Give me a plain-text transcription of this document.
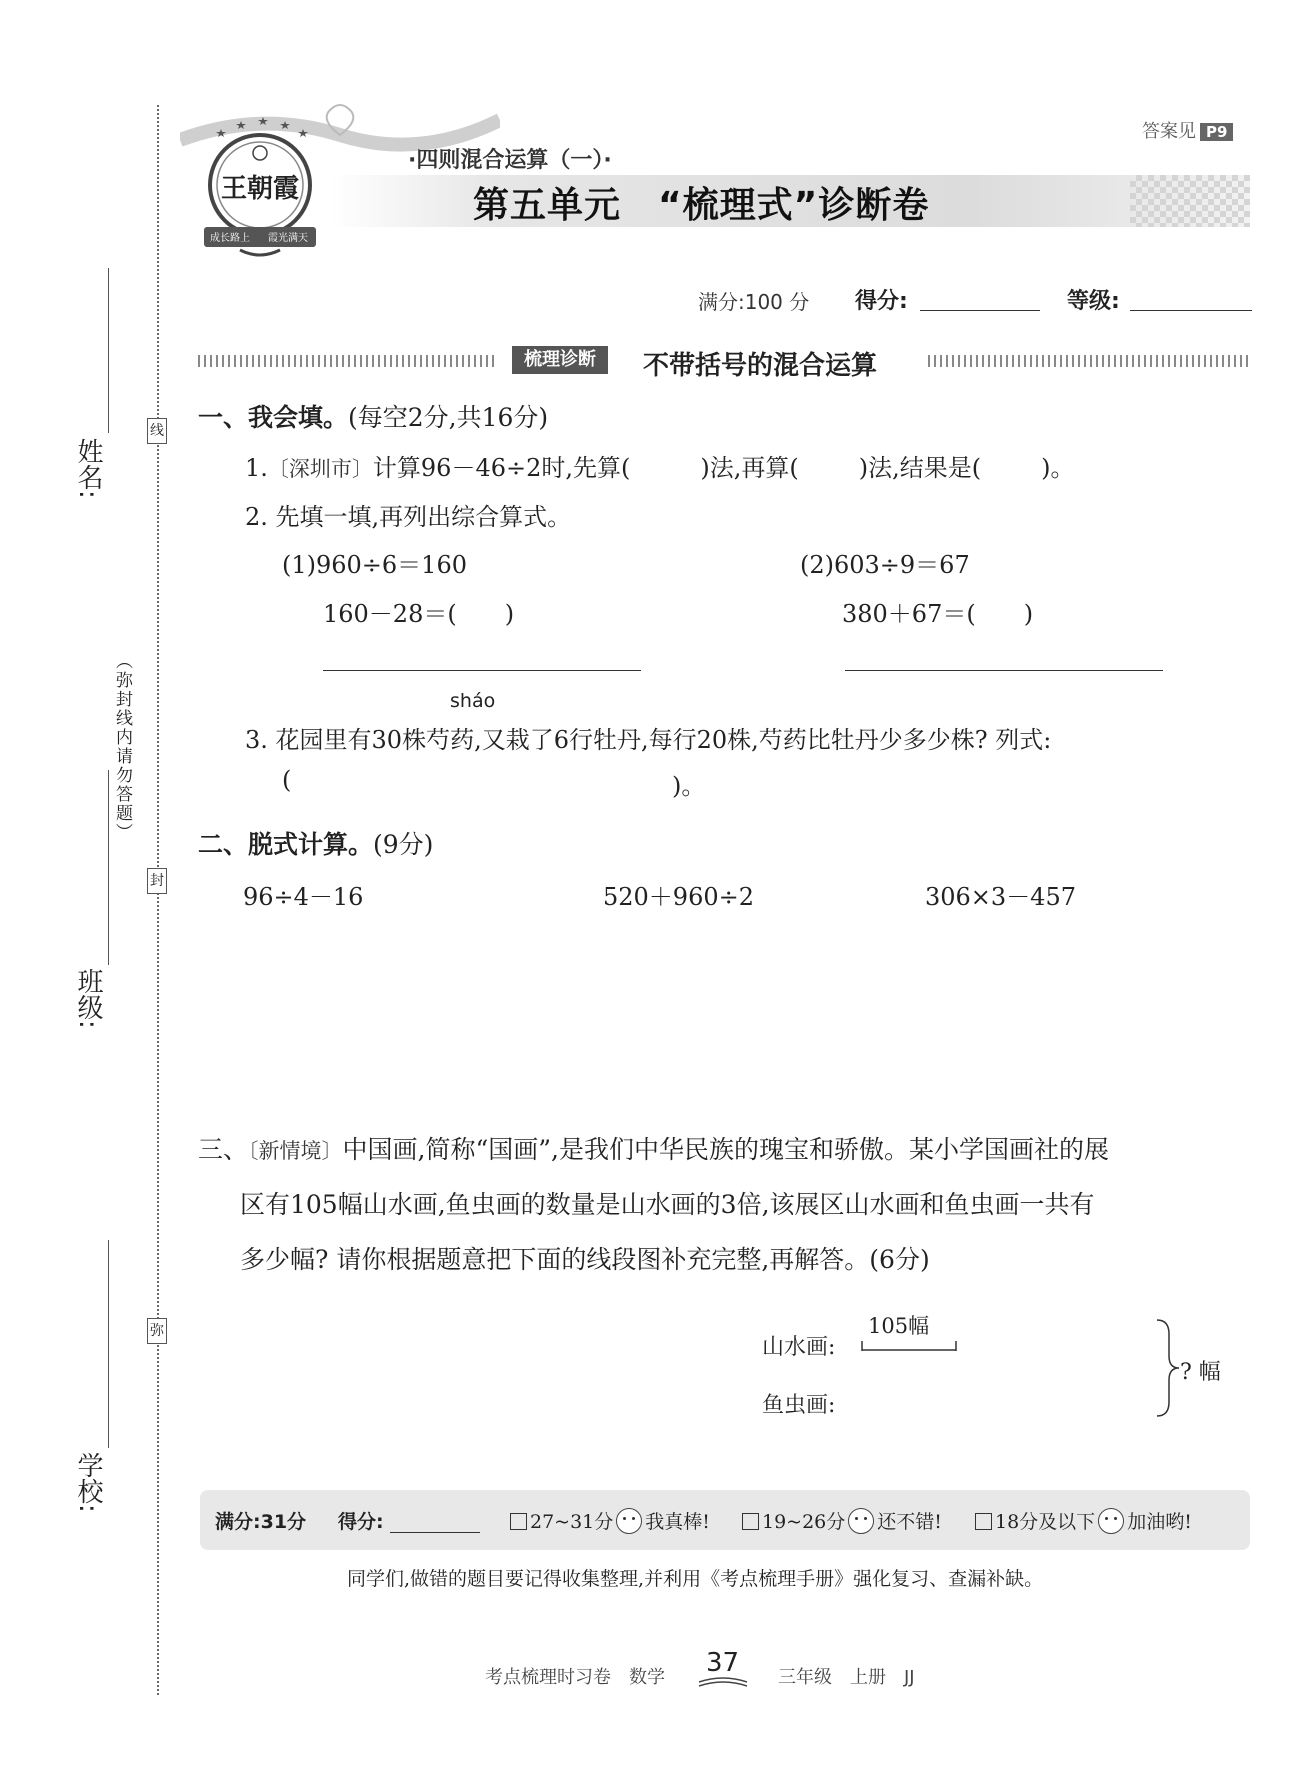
姓名:
班级:
学校:
（弥封线内请勿答题）
线
封
弥
王朝霞
成长路上 霞光满天
答案见 P9
·四则混合运算（一）·
第五单元　“梳理式”诊断卷
满分:100 分 得分:	等级:
梳理诊断	不带括号的混合运算
一、我会填。(每空2分,共16分)
1.〔深圳市〕计算96－46÷2时,先算(	)法,再算(	)法,结果是(	)。
2. 先填一填,再列出综合算式。
(1)960÷6＝160
160－28＝(　　)
(2)603÷9＝67
380＋67＝(　　)
sháo
3. 花园里有30株芍药,又栽了6行牡丹,每行20株,芍药比牡丹少多少株? 列式:
(	)。
二、脱式计算。(9分)
96÷4－16	520＋960÷2	306×3－457
三、〔新情境〕中国画,简称“国画”,是我们中华民族的瑰宝和骄傲。某小学国画社的展
区有105幅山水画,鱼虫画的数量是山水画的3倍,该展区山水画和鱼虫画一共有
多少幅? 请你根据题意把下面的线段图补充完整,再解答。(6分)
山水画:
鱼虫画:
105幅
? 幅
满分:31分 得分:	27~31分 我真棒!	19~26分 还不错!	18分及以下 加油哟!
同学们,做错的题目要记得收集整理,并利用《考点梳理手册》强化复习、查漏补缺。
考点梳理时习卷　数学 37 三年级　上册　JJ
